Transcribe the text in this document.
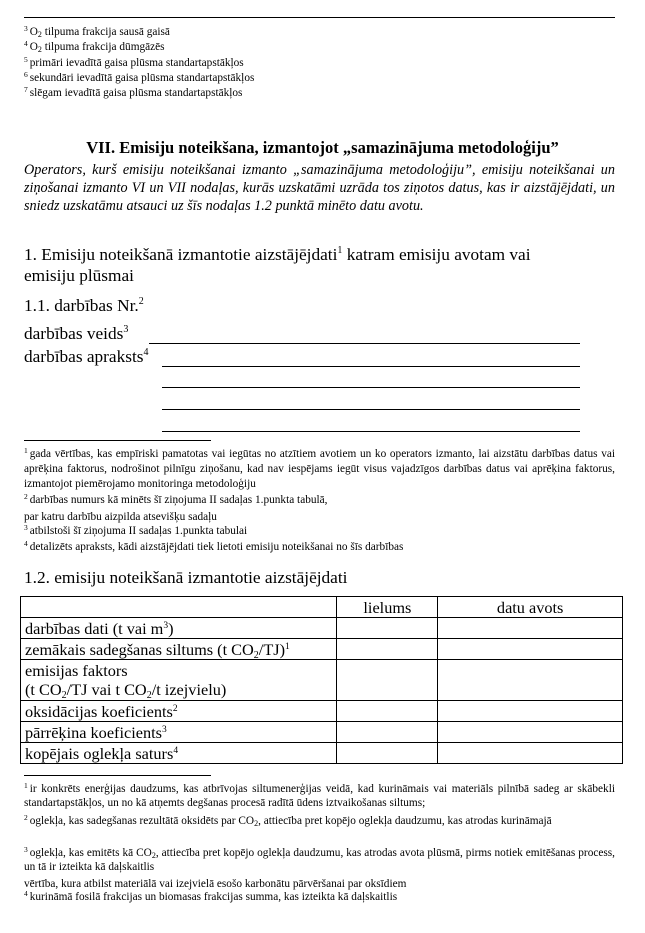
$^3$ $O_2$ tilpuma frakcija sausā gaisā
$^4$ $O_2$ tilpuma frakcija dūmgāzēs
$^5$ primāri ievadītā gaisa plūsma standartapstākļos
$^6$ sekundāri ievadītā gaisa plūsma standartapstākļos
$^7$ slēgam ievadītā gaisa plūsma standartapstākļos
VII. Emisiju noteikšana, izmantojot „samazinājuma metodoloģiju”
Operators, kurš emisiju noteikšanai izmanto „samazinājuma metodoloģiju”, emisiju noteikšanai un ziņošanai izmanto VI un VII nodaļas, kurās uzskatāmi uzrāda tos ziņotos datus, kas ir aizstājējdati, un sniedz uzskatāmu atsauci uz šīs nodaļas 1.2 punktā minēto datu avotu.
1. Emisiju noteikšanā izmantotie aizstājējdati$^1$ katram emisiju avotam vai
emisiju plūsmai
1.1. darbības Nr.$^2$
darbības veids$^3$
darbības apraksts$^4$
$^1$ gada vērtības, kas empīriski pamatotas vai iegūtas no atzītiem avotiem un ko operators izmanto, lai aizstātu darbības datus vai aprēķina faktorus, nodrošinot pilnīgu ziņošanu, kad nav iespējams iegūt visus vajadzīgos darbības datus vai aprēķina faktorus, izmantojot piemērojamo monitoringa metodoloģiju
$^2$ darbības numurs kā minēts šī ziņojuma II sadaļas 1.punkta tabulā,
par katru darbību aizpilda atsevišķu sadaļu
$^3$ atbilstoši šī ziņojuma II sadaļas 1.punkta tabulai
$^4$ detalizēts apraksts, kādi aizstājējdati tiek lietoti emisiju noteikšanai no šīs darbības
1.2. emisiju noteikšanā izmantotie aizstājējdati
	lielums	datu avots
darbības dati (t vai $m^3$)		
zemākais sadegšanas siltums (t CO2/TJ)$^1$		
emisijas faktors
(t CO2/TJ vai t CO2/t izejvielu)		
oksidācijas koeficients$^2$		
pārrēķina koeficients$^3$		
kopējais oglekļa saturs$^4$		
$^1$ ir konkrēts enerģijas daudzums, kas atbrīvojas siltumenerģijas veidā, kad kurināmais vai materiāls pilnībā sadeg ar skābekli standartapstākļos, un no kā atņemts degšanas procesā radītā ūdens iztvaikošanas siltums;
$^2$ oglekļa, kas sadegšanas rezultātā oksidēts par $CO_2$, attiecība pret kopējo oglekļa daudzumu, kas atrodas kurināmajā
$^3$ oglekļa, kas emitēts kā $CO_2$, attiecība pret kopējo oglekļa daudzumu, kas atrodas avota plūsmā, pirms notiek emitēšanas process, un tā ir izteikta kā daļskaitlis
vērtība, kura atbilst materiālā vai izejvielā esošo karbonātu pārvēršanai par oksīdiem
$^4$ kurināmā fosilā frakcijas un biomasas frakcijas summa, kas izteikta kā daļskaitlis
